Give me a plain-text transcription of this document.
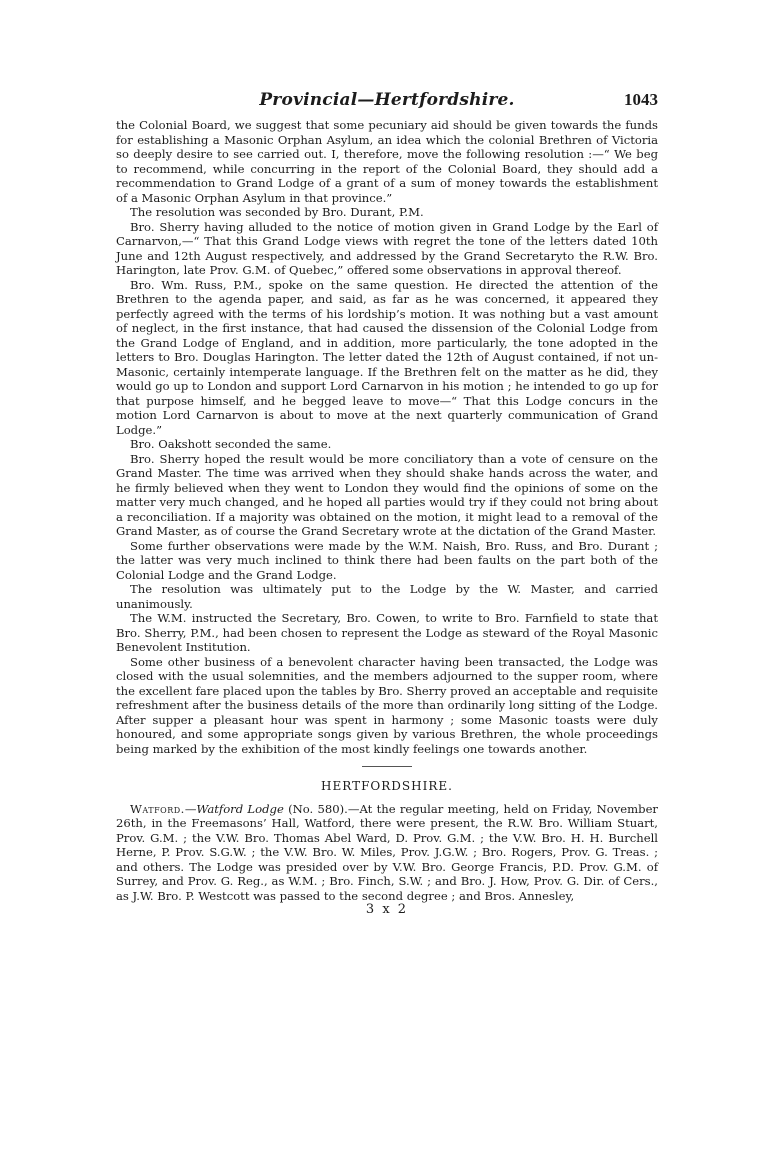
Provincial—Hertfordshire.	1043

the Colonial Board, we suggest that some pecuniary aid should be given towards the funds for establishing a Masonic Orphan Asylum, an idea which the colonial Brethren of Victoria so deeply desire to see carried out. I, therefore, move the following resolution :—“ We beg to recommend, while concurring in the report of the Colonial Board, they should add a recommendation to Grand Lodge of a grant of a sum of money towards the establishment of a Masonic Orphan Asylum in that province.”

The resolution was seconded by Bro. Durant, P.M.

Bro. Sherry having alluded to the notice of motion given in Grand Lodge by the Earl of Carnarvon,—“ That this Grand Lodge views with regret the tone of the letters dated 10th June and 12th August respectively, and addressed by the Grand Secretaryto the R.W. Bro. Harington, late Prov. G.M. of Quebec,” offered some observations in approval thereof.

Bro. Wm. Russ, P.M., spoke on the same question. He directed the attention of the Brethren to the agenda paper, and said, as far as he was concerned, it appeared they perfectly agreed with the terms of his lordship’s motion. It was nothing but a vast amount of neglect, in the first instance, that had caused the dissension of the Colonial Lodge from the Grand Lodge of England, and in addition, more particularly, the tone adopted in the letters to Bro. Douglas Harington. The letter dated the 12th of August contained, if not un-Masonic, certainly intemperate language. If the Brethren felt on the matter as he did, they would go up to London and support Lord Carnarvon in his motion ; he intended to go up for that purpose himself, and he begged leave to move—“ That this Lodge concurs in the motion Lord Carnarvon is about to move at the next quarterly communication of Grand Lodge.”

Bro. Oakshott seconded the same.

Bro. Sherry hoped the result would be more conciliatory than a vote of censure on the Grand Master. The time was arrived when they should shake hands across the water, and he firmly believed when they went to London they would find the opinions of some on the matter very much changed, and he hoped all parties would try if they could not bring about a reconciliation. If a majority was obtained on the motion, it might lead to a removal of the Grand Master, as of course the Grand Secretary wrote at the dictation of the Grand Master.

Some further observations were made by the W.M. Naish, Bro. Russ, and Bro. Durant ; the latter was very much inclined to think there had been faults on the part both of the Colonial Lodge and the Grand Lodge.

The resolution was ultimately put to the Lodge by the W. Master, and carried unanimously.

The W.M. instructed the Secretary, Bro. Cowen, to write to Bro. Farnfield to state that Bro. Sherry, P.M., had been chosen to represent the Lodge as steward of the Royal Masonic Benevolent Institution.

Some other business of a benevolent character having been transacted, the Lodge was closed with the usual solemnities, and the members adjourned to the supper room, where the excellent fare placed upon the tables by Bro. Sherry proved an acceptable and requisite refreshment after the business details of the more than ordinarily long sitting of the Lodge. After supper a pleasant hour was spent in harmony ; some Masonic toasts were duly honoured, and some appropriate songs given by various Brethren, the whole proceedings being marked by the exhibition of the most kindly feelings one towards another.

HERTFORDSHIRE.

Watford.—Watford Lodge (No. 580).—At the regular meeting, held on Friday, November 26th, in the Freemasons’ Hall, Watford, there were present, the R.W. Bro. William Stuart, Prov. G.M. ; the V.W. Bro. Thomas Abel Ward, D. Prov. G.M. ; the V.W. Bro. H. H. Burchell Herne, P. Prov. S.G.W. ; the V.W. Bro. W. Miles, Prov. J.G.W. ; Bro. Rogers, Prov. G. Treas. ; and others. The Lodge was presided over by V.W. Bro. George Francis, P.D. Prov. G.M. of Surrey, and Prov. G. Reg., as W.M. ; Bro. Finch, S.W. ; and Bro. J. How, Prov. G. Dir. of Cers., as J.W. Bro. P. Westcott was passed to the second degree ; and Bros. Annesley,

3 x 2
